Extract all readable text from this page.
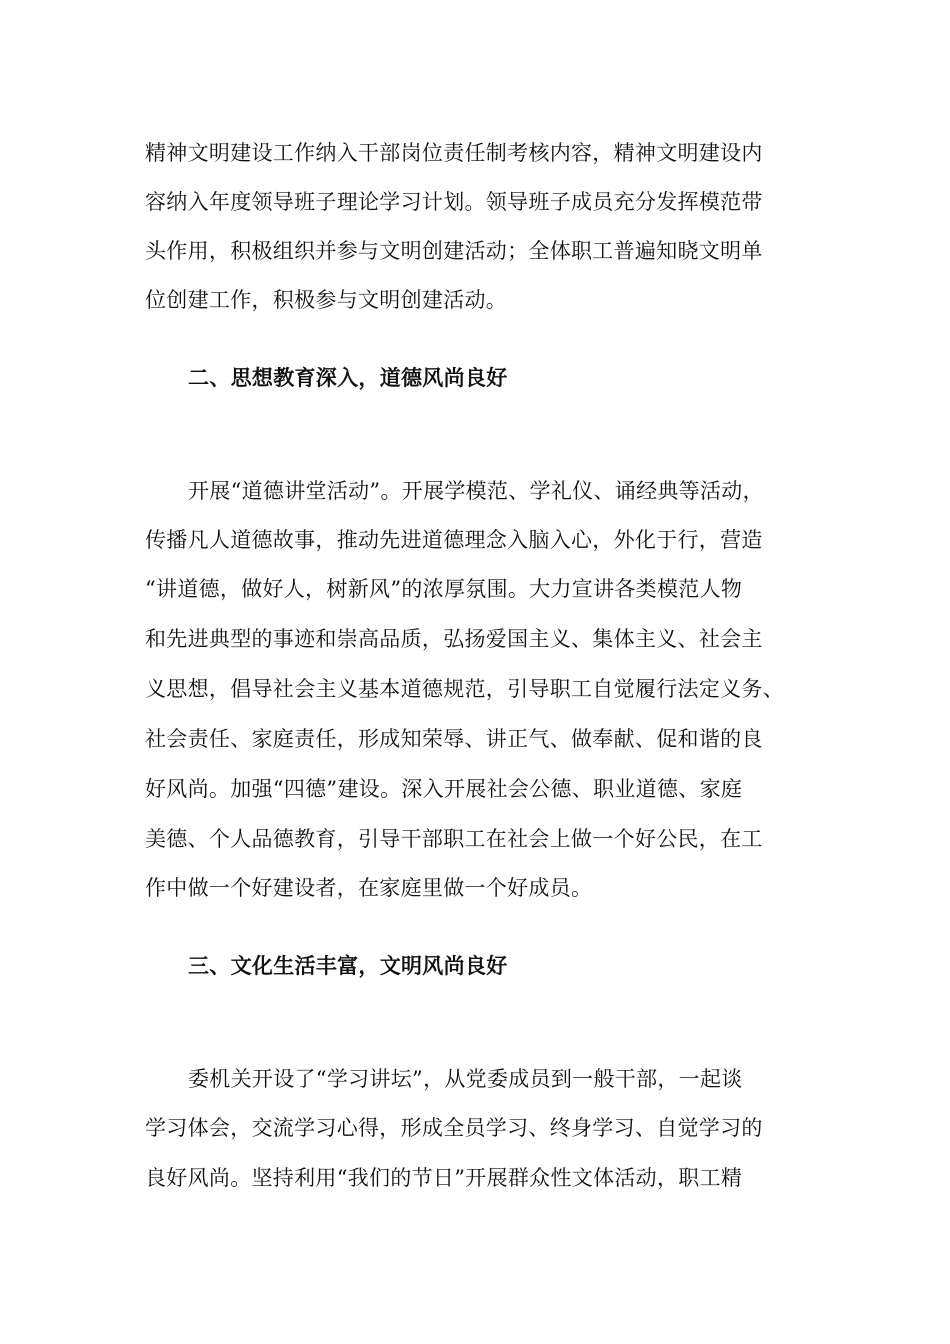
精神文明建设工作纳入干部岗位责任制考核内容，精神文明建设内
容纳入年度领导班子理论学习计划。领导班子成员充分发挥模范带
头作用，积极组织并参与文明创建活动；全体职工普遍知晓文明单
位创建工作，积极参与文明创建活动。
二、思想教育深入，道德风尚良好
开展“道德讲堂活动”。开展学模范、学礼仪、诵经典等活动，
传播凡人道德故事，推动先进道德理念入脑入心，外化于行，营造
“讲道德，做好人，树新风”的浓厚氛围。大力宣讲各类模范人物
和先进典型的事迹和崇高品质，弘扬爱国主义、集体主义、社会主
义思想，倡导社会主义基本道德规范，引导职工自觉履行法定义务、
社会责任、家庭责任，形成知荣辱、讲正气、做奉献、促和谐的良
好风尚。加强“四德”建设。深入开展社会公德、职业道德、家庭
美德、个人品德教育，引导干部职工在社会上做一个好公民，在工
作中做一个好建设者，在家庭里做一个好成员。
三、文化生活丰富，文明风尚良好
委机关开设了“学习讲坛”，从党委成员到一般干部，一起谈
学习体会，交流学习心得，形成全员学习、终身学习、自觉学习的
良好风尚。坚持利用“我们的节日”开展群众性文体活动，职工精
